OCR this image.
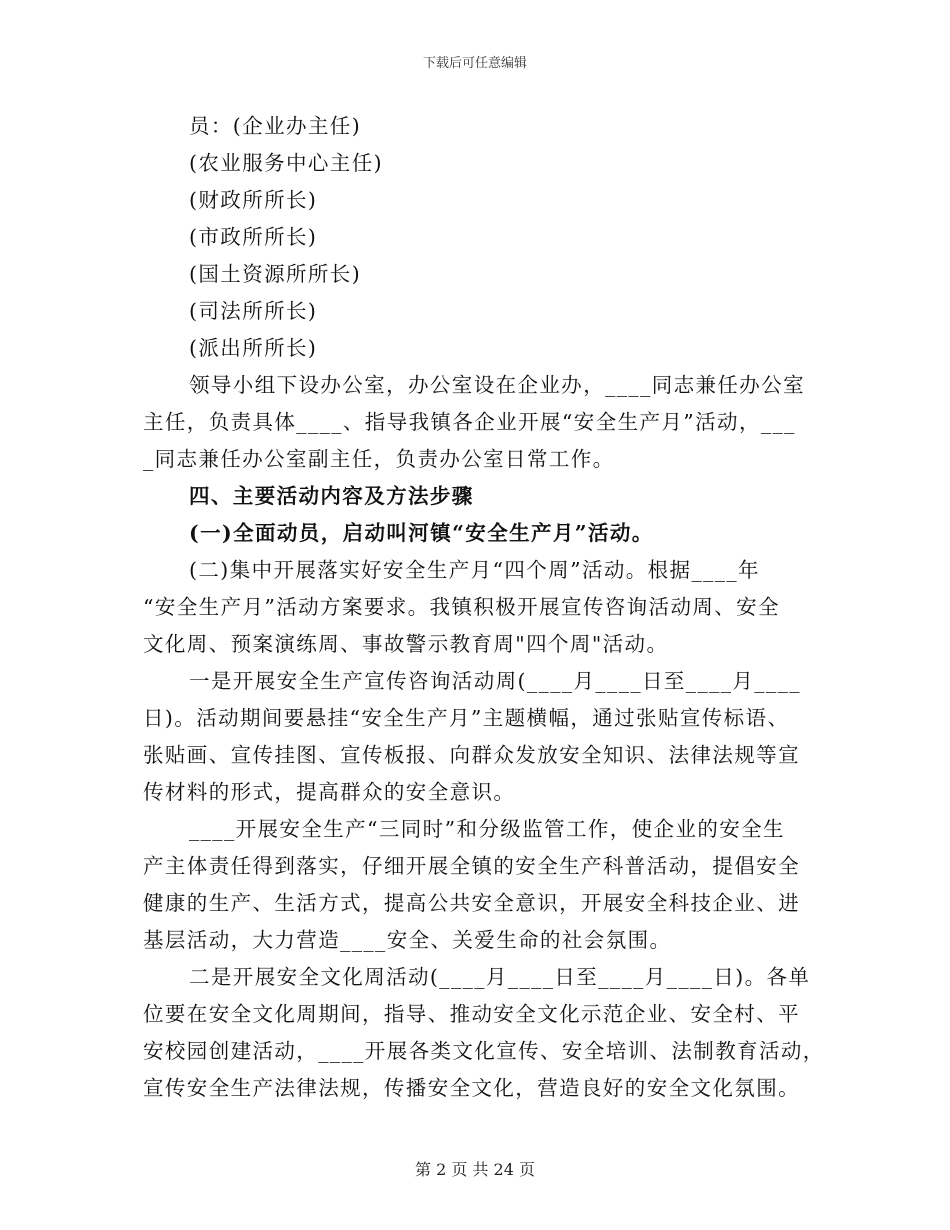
下载后可任意编辑
员：(企业办主任)
(农业服务中心主任)
(财政所所长)
(市政所所长)
(国土资源所所长)
(司法所所长)
(派出所所长)
领导小组下设办公室，办公室设在企业办，____同志兼任办公室
主任，负责具体____、指导我镇各企业开展“安全生产月”活动，___
_同志兼任办公室副主任，负责办公室日常工作。
四、主要活动内容及方法步骤
(一)全面动员，启动叫河镇“安全生产月”活动。
(二)集中开展落实好安全生产月“四个周”活动。根据____年
“安全生产月”活动方案要求。我镇积极开展宣传咨询活动周、安全
文化周、预案演练周、事故警示教育周"四个周"活动。
一是开展安全生产宣传咨询活动周(____月____日至____月____
日)。活动期间要悬挂“安全生产月”主题横幅，通过张贴宣传标语、
张贴画、宣传挂图、宣传板报、向群众发放安全知识、法律法规等宣
传材料的形式，提高群众的安全意识。
____开展安全生产“三同时”和分级监管工作，使企业的安全生
产主体责任得到落实，仔细开展全镇的安全生产科普活动，提倡安全
健康的生产、生活方式，提高公共安全意识，开展安全科技企业、进
基层活动，大力营造____安全、关爱生命的社会氛围。
二是开展安全文化周活动(____月____日至____月____日)。各单
位要在安全文化周期间，指导、推动安全文化示范企业、安全村、平
安校园创建活动，____开展各类文化宣传、安全培训、法制教育活动，
宣传安全生产法律法规，传播安全文化，营造良好的安全文化氛围。
第 2 页 共 24 页
